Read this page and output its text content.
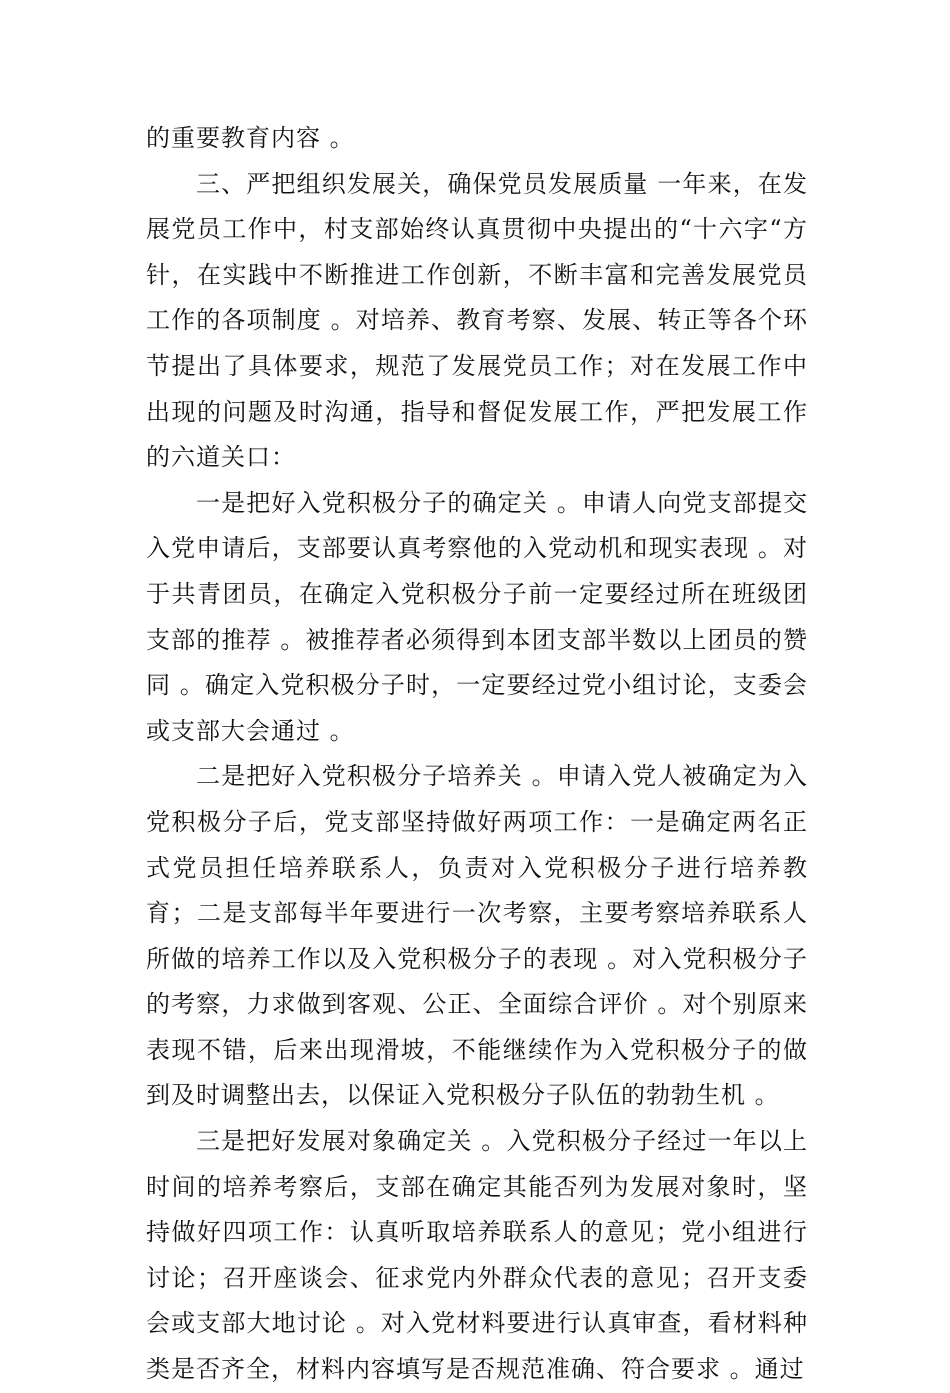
的重要教育内容 。

三、严把组织发展关，确保党员发展质量 一年来，在发展党员工作中，村支部始终认真贯彻中央提出的“十六字“方针，在实践中不断推进工作创新，不断丰富和完善发展党员工作的各项制度 。对培养、教育考察、发展、转正等各个环节提出了具体要求，规范了发展党员工作；对在发展工作中出现的问题及时沟通，指导和督促发展工作，严把发展工作的六道关口：

一是把好入党积极分子的确定关 。申请人向党支部提交入党申请后，支部要认真考察他的入党动机和现实表现 。对于共青团员，在确定入党积极分子前一定要经过所在班级团支部的推荐 。被推荐者必须得到本团支部半数以上团员的赞同 。确定入党积极分子时，一定要经过党小组讨论，支委会或支部大会通过 。

二是把好入党积极分子培养关 。申请入党人被确定为入党积极分子后，党支部坚持做好两项工作：一是确定两名正式党员担任培养联系人，负责对入党积极分子进行培养教育；二是支部每半年要进行一次考察，主要考察培养联系人所做的培养工作以及入党积极分子的表现 。对入党积极分子的考察，力求做到客观、公正、全面综合评价 。对个别原来表现不错，后来出现滑坡，不能继续作为入党积极分子的做到及时调整出去，以保证入党积极分子队伍的勃勃生机 。

三是把好发展对象确定关 。入党积极分子经过一年以上时间的培养考察后，支部在确定其能否列为发展对象时，坚持做好四项工作：认真听取培养联系人的意见；党小组进行讨论；召开座谈会、征求党内外群众代表的意见；召开支委会或支部大地讨论 。对入党材料要进行认真审查，看材料种类是否齐全，材料内容填写是否规范准确、符合要求 。通过
